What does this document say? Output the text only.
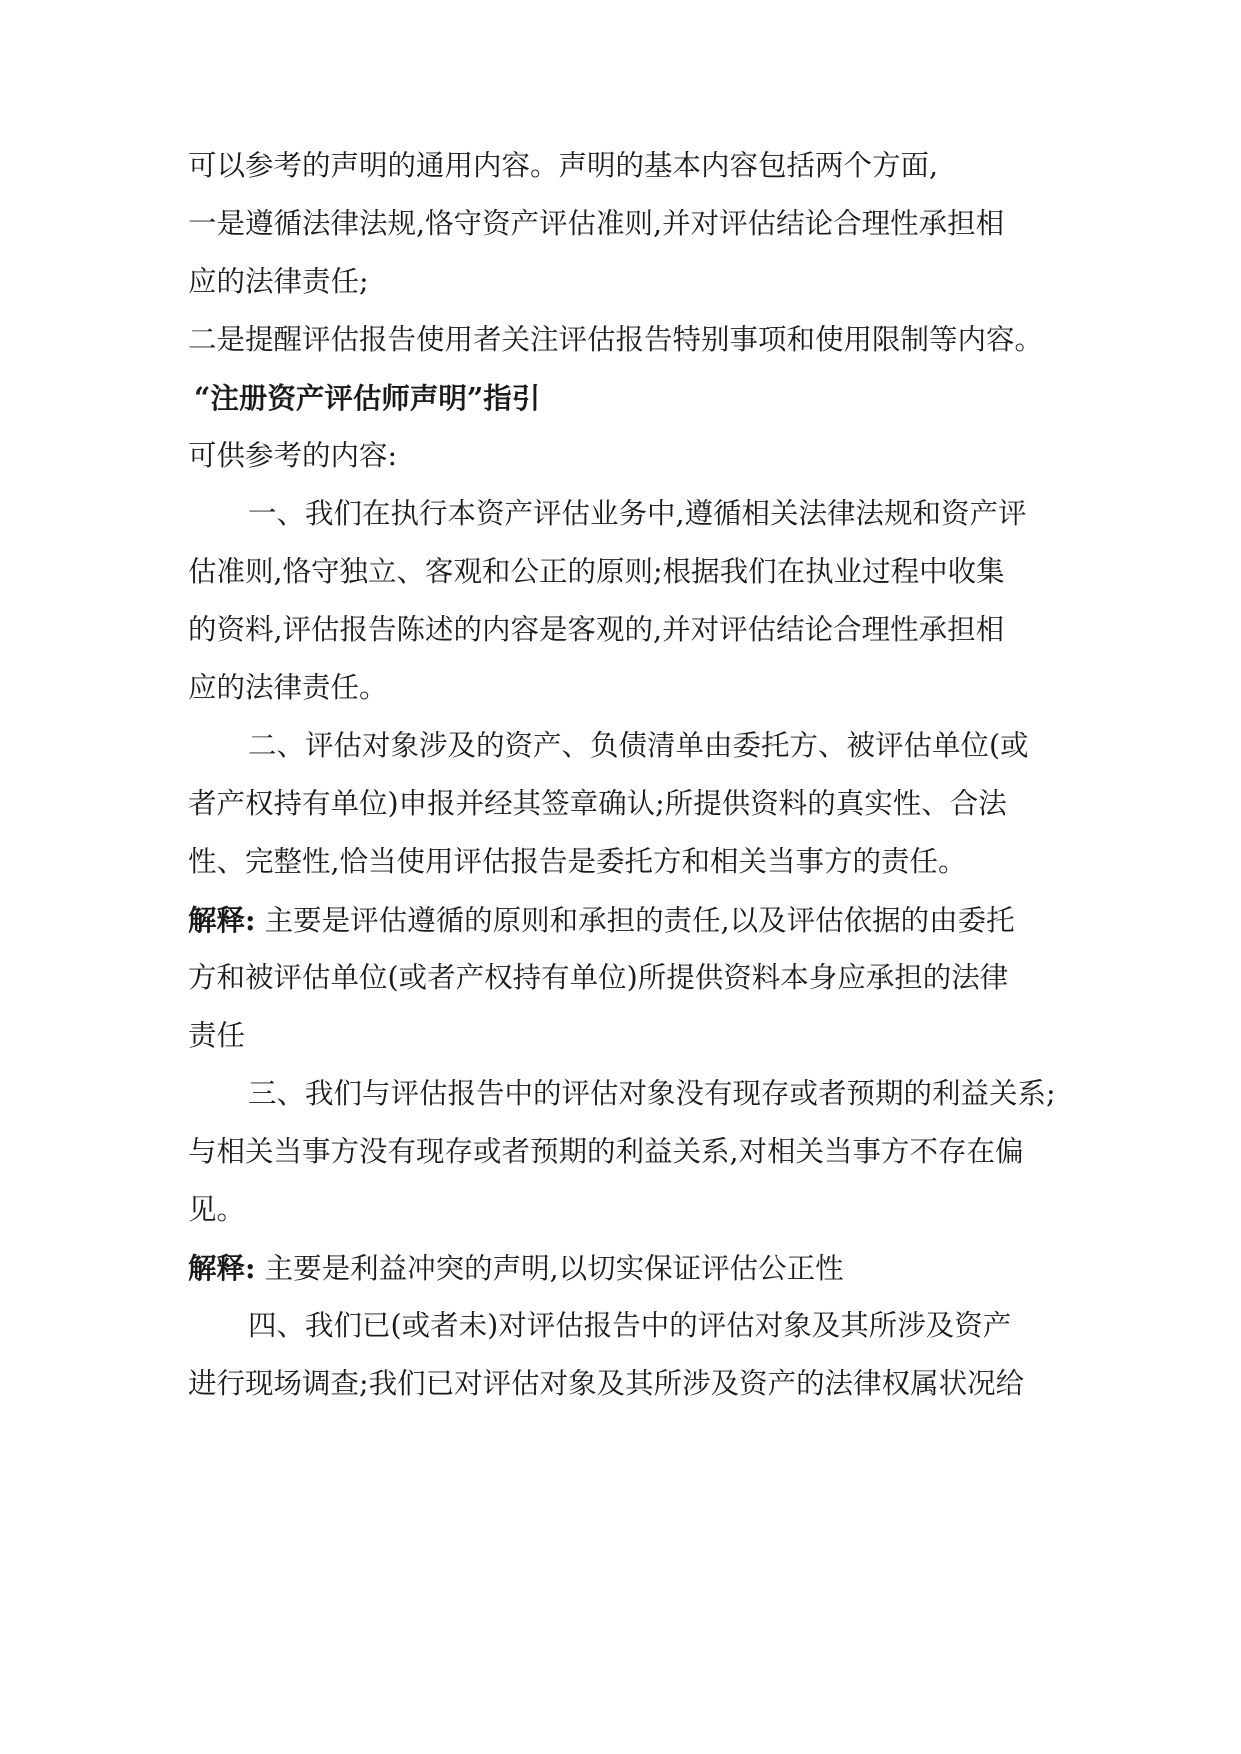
可以参考的声明的通用内容。声明的基本内容包括两个方面,
一是遵循法律法规,恪守资产评估准则,并对评估结论合理性承担相
应的法律责任;
二是提醒评估报告使用者关注评估报告特别事项和使用限制等内容。
“注册资产评估师声明”指引
可供参考的内容:
一、我们在执行本资产评估业务中,遵循相关法律法规和资产评
估准则,恪守独立、客观和公正的原则;根据我们在执业过程中收集
的资料,评估报告陈述的内容是客观的,并对评估结论合理性承担相
应的法律责任。
二、评估对象涉及的资产、负债清单由委托方、被评估单位(或
者产权持有单位)申报并经其签章确认;所提供资料的真实性、合法
性、完整性,恰当使用评估报告是委托方和相关当事方的责任。
解释: 主要是评估遵循的原则和承担的责任,以及评估依据的由委托
方和被评估单位(或者产权持有单位)所提供资料本身应承担的法律
责任
三、我们与评估报告中的评估对象没有现存或者预期的利益关系;
与相关当事方没有现存或者预期的利益关系,对相关当事方不存在偏
见。
解释: 主要是利益冲突的声明,以切实保证评估公正性
四、我们已(或者未)对评估报告中的评估对象及其所涉及资产
进行现场调查;我们已对评估对象及其所涉及资产的法律权属状况给
